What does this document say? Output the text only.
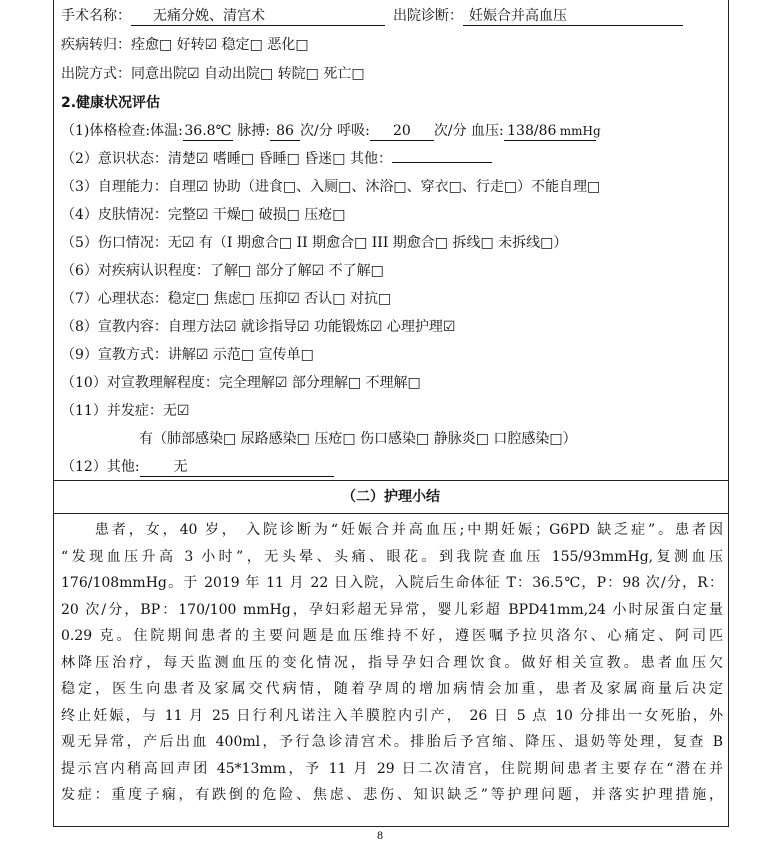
手术名称： 无痛分娩、清宫术	出院诊断： 妊娠合并高血压
疾病转归：痊愈□ 好转☑ 稳定□ 恶化□
出院方式：同意出院☑ 自动出院□ 转院□ 死亡□
2.健康状况评估
（1)体格检查:体温: 36.8℃ 脉搏: 86 次/分 呼吸: 20 次/分 血压: 138/86 mmHg
（2）意识状态：清楚☑ 嗜睡□ 昏睡□ 昏迷□ 其他：
（3）自理能力：自理☑ 协助（进食□、入厕□、沐浴□、穿衣□、行走□）不能自理□
（4）皮肤情况：完整☑ 干燥□ 破损□ 压疮□
（5）伤口情况：无☑ 有（I 期愈合□ II 期愈合□ III 期愈合□ 拆线□ 未拆线□）
（6）对疾病认识程度：了解□ 部分了解☑ 不了解□
（7）心理状态：稳定□ 焦虑□ 压抑☑ 否认□ 对抗□
（8）宣教内容：自理方法☑ 就诊指导☑ 功能锻炼☑ 心理护理☑
（9）宣教方式：讲解☑ 示范□ 宣传单□
（10）对宣教理解程度：完全理解☑ 部分理解□ 不理解□
（11）并发症：无☑
有（肺部感染□ 尿路感染□ 压疮□ 伤口感染□ 静脉炎□ 口腔感染□）
（12）其他: 无
（二）护理小结
　　患者，女，40 岁， 入院诊断为“妊娠合并高血压;中期妊娠；G6PD 缺乏症”。患者因
“发现血压升高 3 小时”，无头晕、头痛、眼花。到我院查血压 155/93mmHg,复测血压
176/108mmHg。于 2019 年 11 月 22 日入院，入院后生命体征 T：36.5℃，P：98 次/分，R：
20 次/分，BP：170/100 mmHg，孕妇彩超无异常，婴儿彩超 BPD41mm,24 小时尿蛋白定量
0.29 克。住院期间患者的主要问题是血压维持不好，遵医嘱予拉贝洛尔、心痛定、阿司匹
林降压治疗，每天监测血压的变化情况，指导孕妇合理饮食。做好相关宣教。患者血压欠
稳定，医生向患者及家属交代病情，随着孕周的增加病情会加重，患者及家属商量后决定
终止妊娠，与 11 月 25 日行利凡诺注入羊膜腔内引产， 26 日 5 点 10 分排出一女死胎，外
观无异常，产后出血 400ml，予行急诊清宫术。排胎后予宫缩、降压、退奶等处理，复查 B
提示宫内稍高回声团 45*13mm，予 11 月 29 日二次清宫，住院期间患者主要存在“潜在并
发症：重度子痫，有跌倒的危险、焦虑、悲伤、知识缺乏”等护理问题，并落实护理措施，
8
